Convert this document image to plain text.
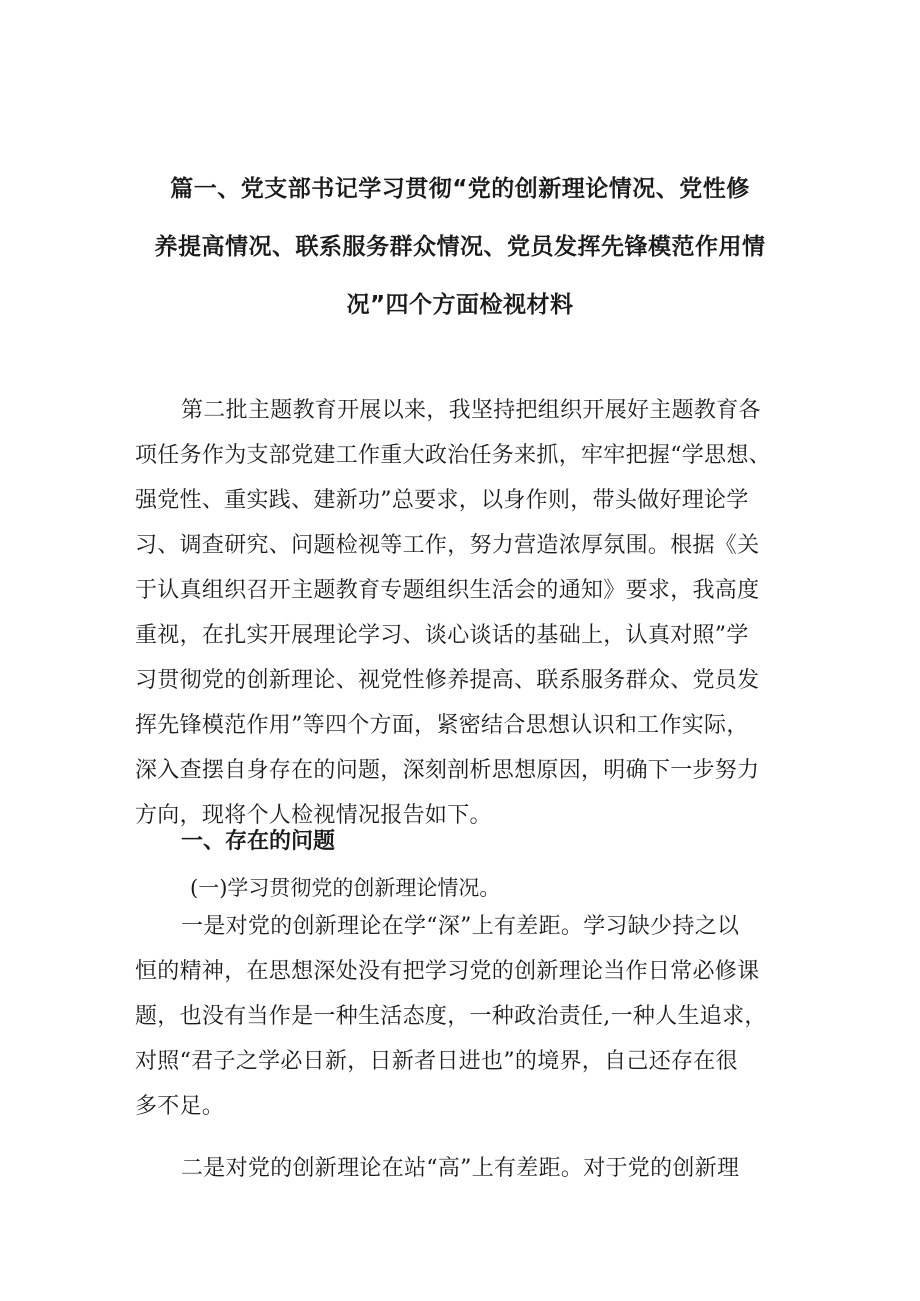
篇一、党支部书记学习贯彻“党的创新理论情况、党性修
养提高情况、联系服务群众情况、党员发挥先锋模范作用情
况”四个方面检视材料
第二批主题教育开展以来，我坚持把组织开展好主题教育各
项任务作为支部党建工作重大政治任务来抓，牢牢把握“学思想、
强党性、重实践、建新功”总要求，以身作则，带头做好理论学
习、调查研究、问题检视等工作，努力营造浓厚氛围。根据《关
于认真组织召开主题教育专题组织生活会的通知》要求，我高度
重视，在扎实开展理论学习、谈心谈话的基础上，认真对照”学
习贯彻党的创新理论、视党性修养提高、联系服务群众、党员发
挥先锋模范作用”等四个方面，紧密结合思想认识和工作实际，
深入查摆自身存在的问题，深刻剖析思想原因，明确下一步努力
方向，现将个人检视情况报告如下。
一、存在的问题
(一)学习贯彻党的创新理论情况。
一是对党的创新理论在学“深”上有差距。学习缺少持之以
恒的精神，在思想深处没有把学习党的创新理论当作日常必修课
题，也没有当作是一种生活态度，一种政治责任,一种人生追求，
对照“君子之学必日新，日新者日进也”的境界，自己还存在很
多不足。
二是对党的创新理论在站“高”上有差距。对于党的创新理
